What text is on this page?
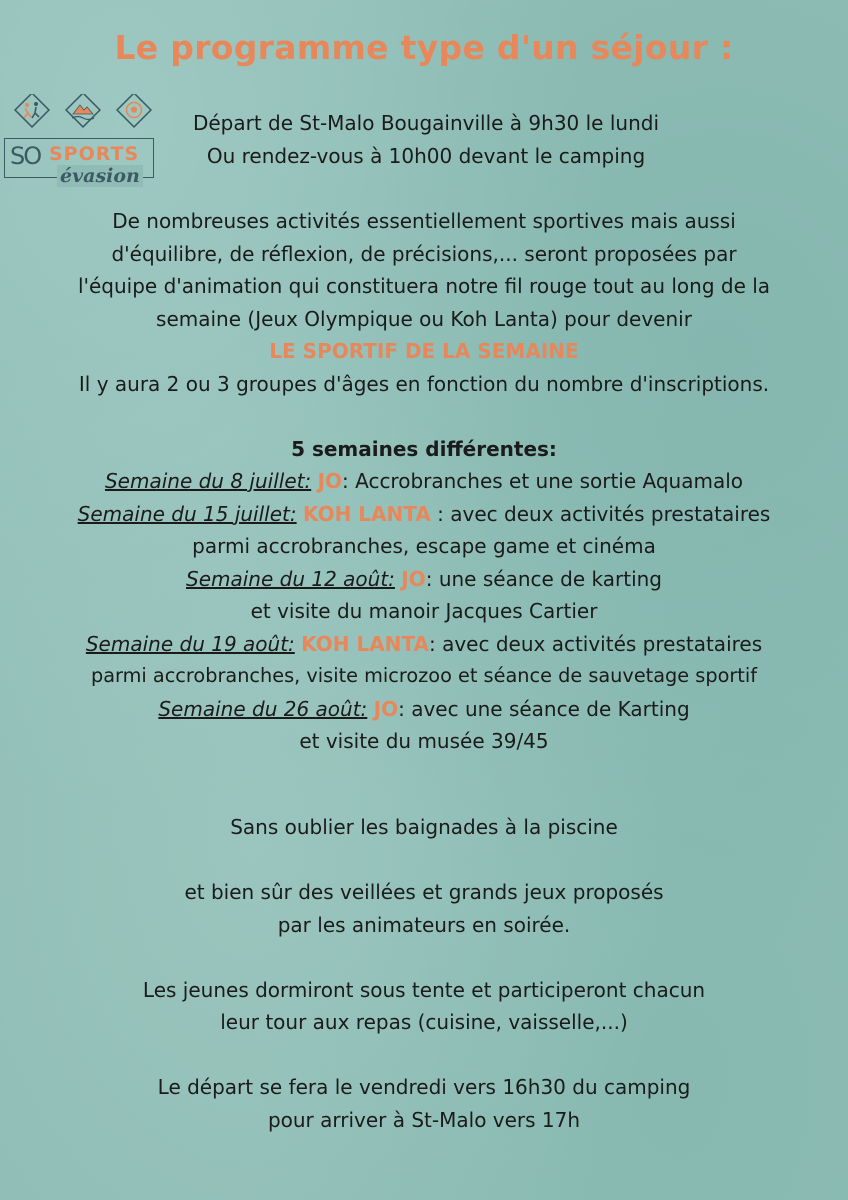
Le programme type d'un séjour :
SO SPORTS
évasion
Départ de St-Malo Bougainville à 9h30 le lundi
Ou rendez-vous à 10h00 devant le camping
De nombreuses activités essentiellement sportives mais aussi
d'équilibre, de réflexion, de précisions,... seront proposées par
l'équipe d'animation qui constituera notre fil rouge tout au long de la
semaine (Jeux Olympique ou Koh Lanta) pour devenir
LE SPORTIF DE LA SEMAINE
Il y aura 2 ou 3 groupes d'âges en fonction du nombre d'inscriptions.
5 semaines différentes:
Semaine du 8 juillet: JO: Accrobranches et une sortie Aquamalo
Semaine du 15 juillet: KOH LANTA : avec deux activités prestataires
parmi accrobranches, escape game et cinéma
Semaine du 12 août: JO: une séance de karting
et visite du manoir Jacques Cartier
Semaine du 19 août: KOH LANTA: avec deux activités prestataires
parmi accrobranches, visite microzoo et séance de sauvetage sportif
Semaine du 26 août: JO: avec une séance de Karting
et visite du musée 39/45
Sans oublier les baignades à la piscine
et bien sûr des veillées et grands jeux proposés
par les animateurs en soirée.
Les jeunes dormiront sous tente et participeront chacun
leur tour aux repas (cuisine, vaisselle,...)
Le départ se fera le vendredi vers 16h30 du camping
pour arriver à St-Malo vers 17h
